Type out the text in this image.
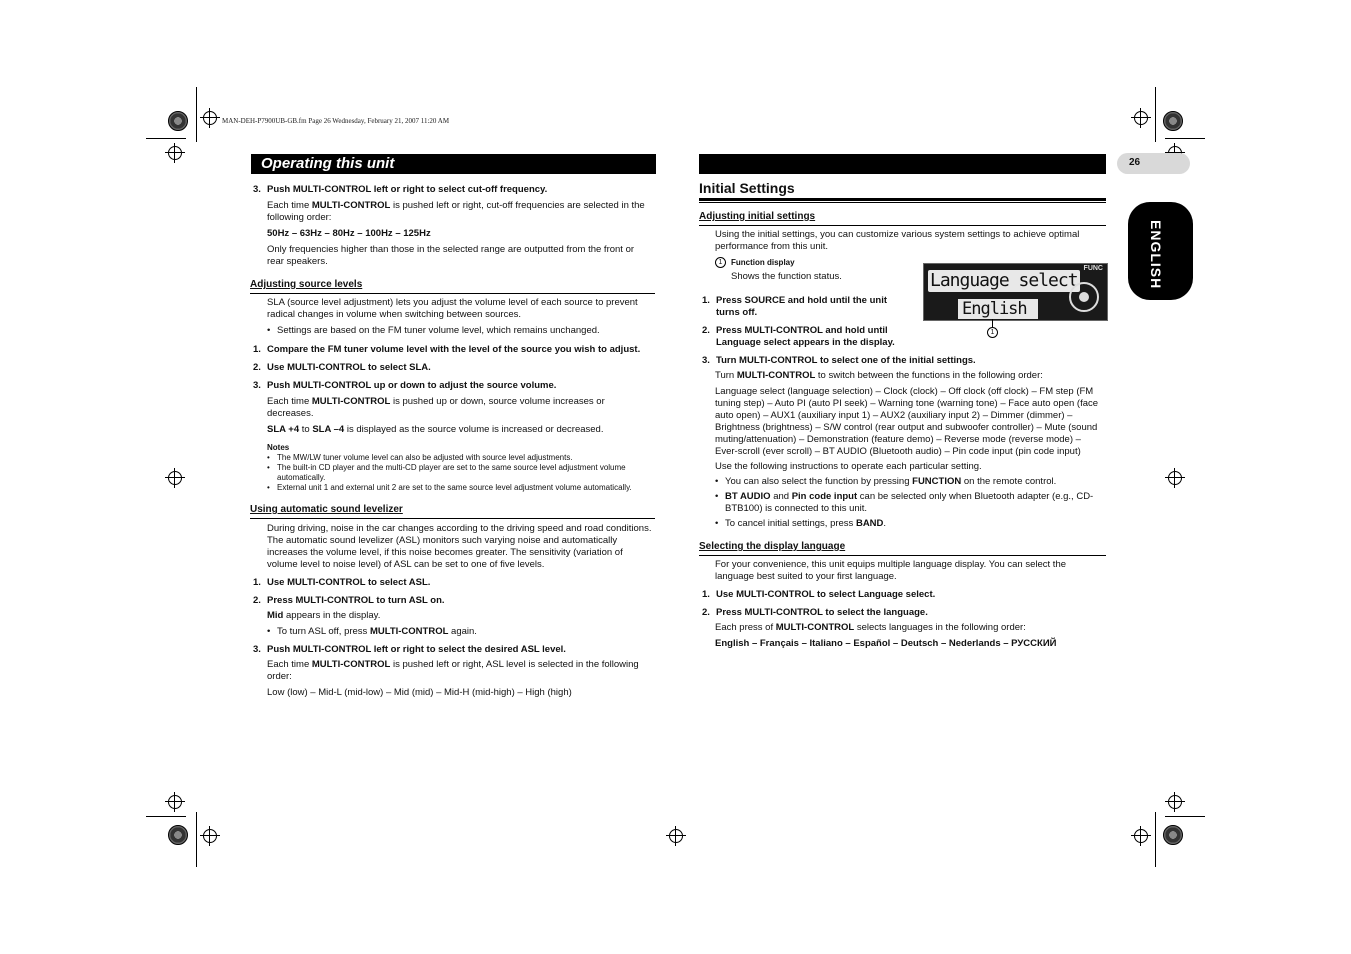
MAN-DEH-P7900UB-GB.fm Page 26 Wednesday, February 21, 2007 11:20 AM
Operating this unit	26
ENGLISH

3. Push MULTI-CONTROL left or right to select cut-off frequency.

Each time MULTI-CONTROL is pushed left or right, cut-off frequencies are selected in the following order:

50Hz – 63Hz – 80Hz – 100Hz – 125Hz

Only frequencies higher than those in the selected range are outputted from the front or rear speakers.

Adjusting source levels

SLA (source level adjustment) lets you adjust the volume level of each source to prevent radical changes in volume when switching between sources.

• Settings are based on the FM tuner volume level, which remains unchanged.

1. Compare the FM tuner volume level with the level of the source you wish to adjust.

2. Use MULTI-CONTROL to select SLA.

3. Push MULTI-CONTROL up or down to adjust the source volume.

Each time MULTI-CONTROL is pushed up or down, source volume increases or decreases.

SLA +4 to SLA –4 is displayed as the source volume is increased or decreased.

Notes

• The MW/LW tuner volume level can also be adjusted with source level adjustments.

• The built-in CD player and the multi-CD player are set to the same source level adjustment volume automatically.

• External unit 1 and external unit 2 are set to the same source level adjustment volume automatically.

Using automatic sound levelizer

During driving, noise in the car changes according to the driving speed and road conditions. The automatic sound levelizer (ASL) monitors such varying noise and automatically increases the volume level, if this noise becomes greater. The sensitivity (variation of volume level to noise level) of ASL can be set to one of five levels.

1. Use MULTI-CONTROL to select ASL.

2. Press MULTI-CONTROL to turn ASL on.

Mid appears in the display.

• To turn ASL off, press MULTI-CONTROL again.

3. Push MULTI-CONTROL left or right to select the desired ASL level.

Each time MULTI-CONTROL is pushed left or right, ASL level is selected in the following order:

Low (low) – Mid-L (mid-low) – Mid (mid) – Mid-H (mid-high) – High (high)

Initial Settings

Adjusting initial settings

Using the initial settings, you can customize various system settings to achieve optimal performance from this unit.

1	Function display

Shows the function status.

1. Press SOURCE and hold until the unit turns off.

2. Press MULTI-CONTROL and hold until Language select appears in the display.

3. Turn MULTI-CONTROL to select one of the initial settings.

Turn MULTI-CONTROL to switch between the functions in the following order:

Language select (language selection) – Clock (clock) – Off clock (off clock) – FM step (FM tuning step) – Auto PI (auto PI seek) – Warning tone (warning tone) – Face auto open (face auto open) – AUX1 (auxiliary input 1) – AUX2 (auxiliary input 2) – Dimmer (dimmer) – Brightness (brightness) – S/W control (rear output and subwoofer controller) – Mute (sound muting/attenuation) – Demonstration (feature demo) – Reverse mode (reverse mode) – Ever-scroll (ever scroll) – BT AUDIO (Bluetooth audio) – Pin code input (pin code input)

Use the following instructions to operate each particular setting.

• You can also select the function by pressing FUNCTION on the remote control.

• BT AUDIO and Pin code input can be selected only when Bluetooth adapter (e.g., CD-BTB100) is connected to this unit.

• To cancel initial settings, press BAND.

Selecting the display language

For your convenience, this unit equips multiple language display. You can select the language best suited to your first language.

1. Use MULTI-CONTROL to select Language select.

2. Press MULTI-CONTROL to select the language.

Each press of MULTI-CONTROL selects languages in the following order:

English – Français – Italiano – Español – Deutsch – Nederlands – РУССКИЙ

Language select
English
FUNC
1
